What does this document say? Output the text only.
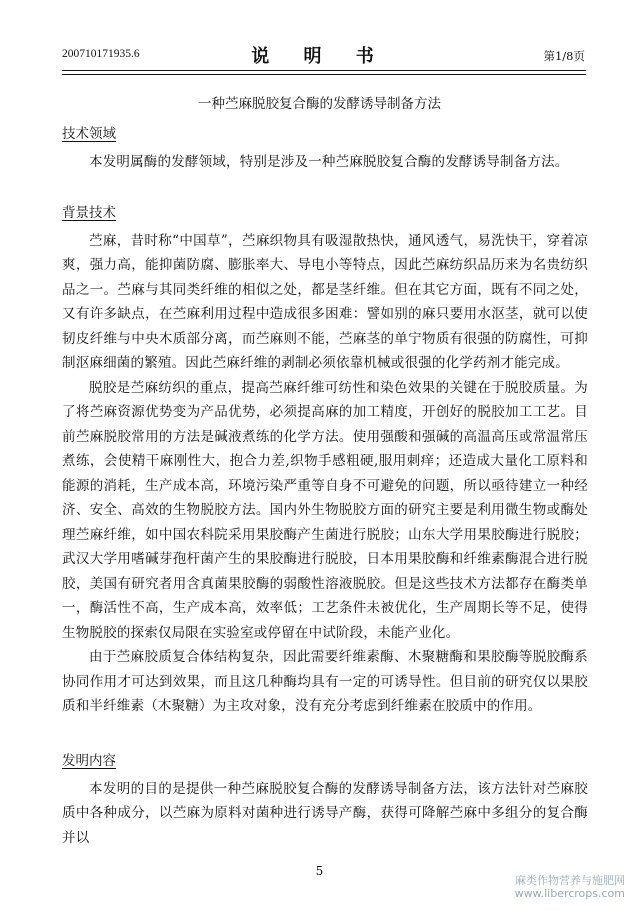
200710171935.6	说 明 书	第1/8页
一种苎麻脱胶复合酶的发酵诱导制备方法
技术领域

本发明属酶的发酵领域，特别是涉及一种苎麻脱胶复合酶的发酵诱导制备方法。

背景技术

苎麻，昔时称“中国草”，苎麻织物具有吸湿散热快，通风透气，易洗快干，穿着凉爽，强力高，能抑菌防腐、膨胀率大、导电小等特点，因此苎麻纺织品历来为名贵纺织品之一。苎麻与其同类纤维的相似之处，都是茎纤维。但在其它方面，既有不同之处，又有许多缺点，在苎麻利用过程中造成很多困难：譬如别的麻只要用水沤茎，就可以使韧皮纤维与中央木质部分离，而苎麻则不能，苎麻茎的单宁物质有很强的防腐性，可抑制沤麻细菌的繁殖。因此苎麻纤维的剥制必须依靠机械或很强的化学药剂才能完成。

脱胶是苎麻纺织的重点，提高苎麻纤维可纺性和染色效果的关键在于脱胶质量。为了将苎麻资源优势变为产品优势，必须提高麻的加工精度，开创好的脱胶加工工艺。目前苎麻脱胶常用的方法是碱液煮练的化学方法。使用强酸和强碱的高温高压或常温常压煮练，会使精干麻刚性大，抱合力差,织物手感粗硬,服用刺痒；还造成大量化工原料和能源的消耗，生产成本高，环境污染严重等自身不可避免的问题，所以亟待建立一种经济、安全、高效的生物脱胶方法。国内外生物脱胶方面的研究主要是利用微生物或酶处理苎麻纤维，如中国农科院采用果胶酶产生菌进行脱胶；山东大学用果胶酶进行脱胶；武汉大学用嗜碱芽孢杆菌产生的果胶酶进行脱胶，日本用果胶酶和纤维素酶混合进行脱胶，美国有研究者用含真菌果胶酶的弱酸性溶液脱胶。但是这些技术方法都存在酶类单一，酶活性不高，生产成本高，效率低；工艺条件未被优化，生产周期长等不足，使得生物脱胶的探索仅局限在实验室或停留在中试阶段，未能产业化。

由于苎麻胶质复合体结构复杂，因此需要纤维素酶、木聚糖酶和果胶酶等脱胶酶系协同作用才可达到效果，而且这几种酶均具有一定的可诱导性。但目前的研究仅以果胶质和半纤维素（木聚糖）为主攻对象，没有充分考虑到纤维素在胶质中的作用。

发明内容

本发明的目的是提供一种苎麻脱胶复合酶的发酵诱导制备方法，该方法针对苎麻胶质中各种成分，以苎麻为原料对菌种进行诱导产酶，获得可降解苎麻中多组分的复合酶并以

5
麻类作物营养与施肥网
www.libercrops.com
